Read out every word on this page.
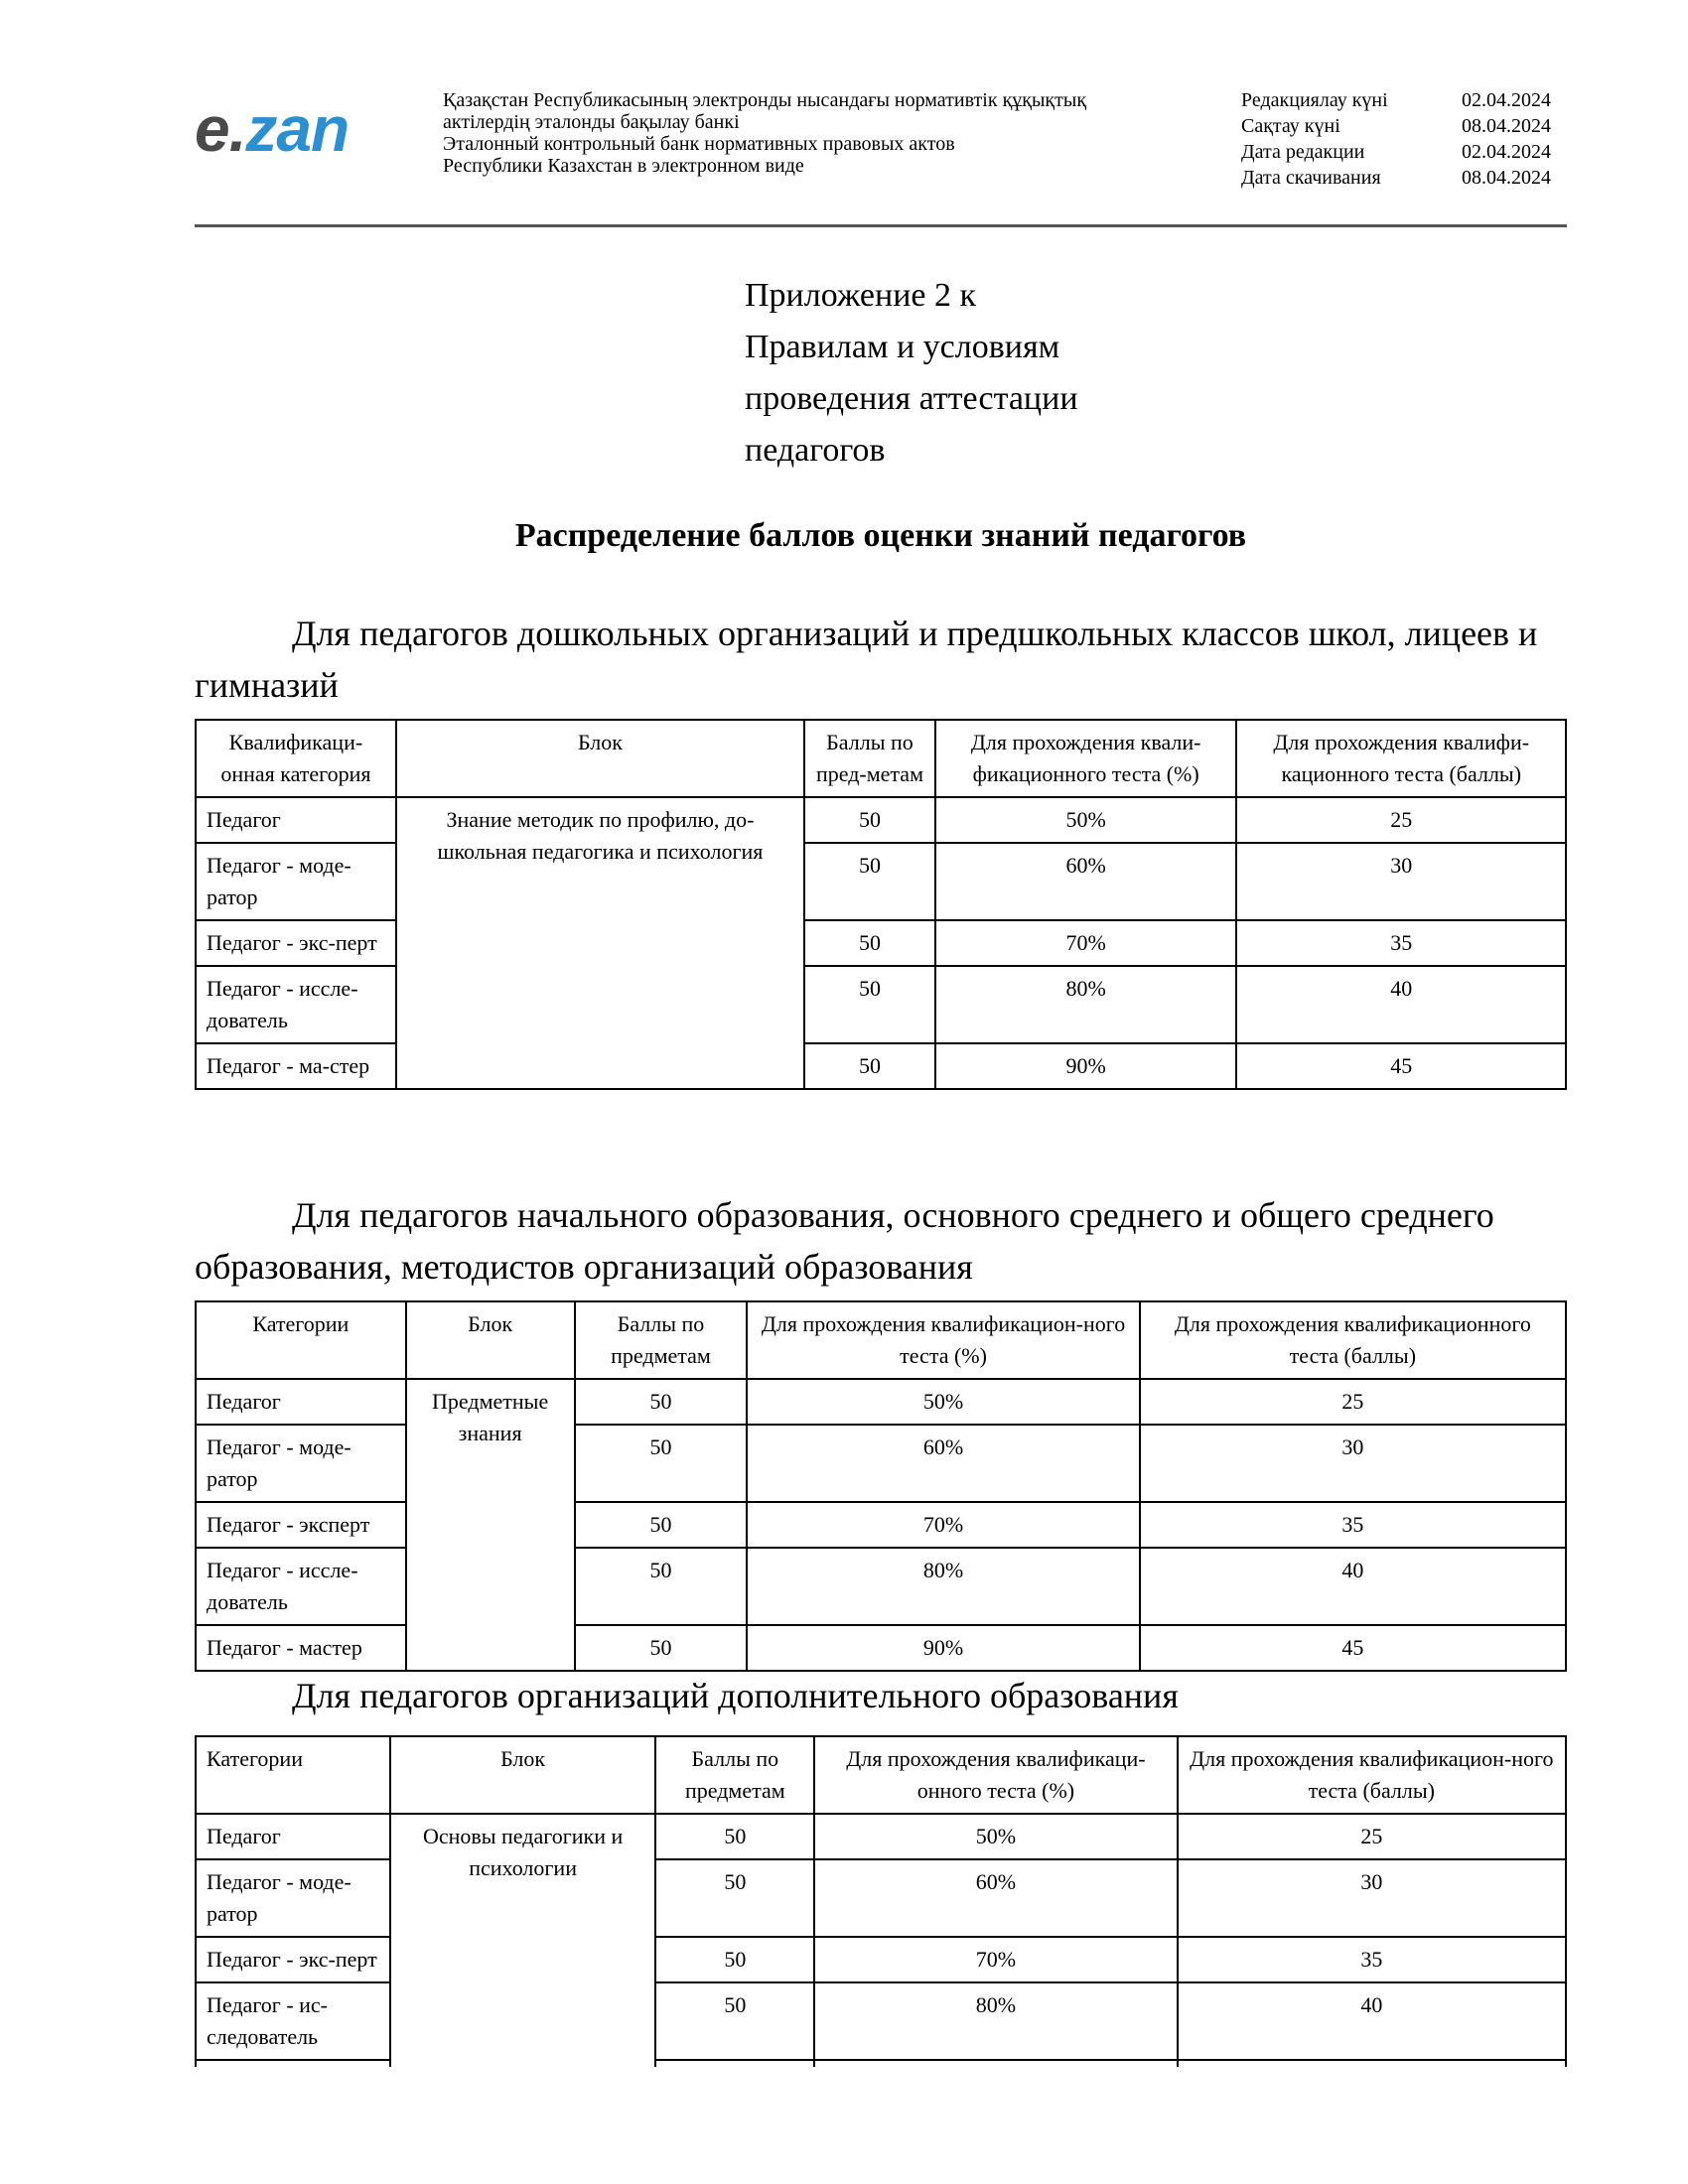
e.zan	Қазақстан Республикасының электронды нысандағы нормативтік құқықтық
актілердің эталонды бақылау банкі
Эталонный контрольный банк нормативных правовых актов
Республики Казахстан в электронном виде
Редакциялау күні	02.04.2024
Сақтау күні	08.04.2024
Дата редакции	02.04.2024
Дата скачивания	08.04.2024
Приложение 2 к
Правилам и условиям
проведения аттестации
педагогов
Распределение баллов оценки знаний педагогов
Для педагогов дошкольных организаций и предшкольных классов школ, лицеев и гимназий
Квалификаци-онная категория	Блок	Баллы по пред-метам	Для прохождения квали-фикационного теста (%)	Для прохождения квалифи-кационного теста (баллы)
Педагог	Знание методик по профилю, до-школьная педагогика и психология	50	50%	25
Педагог - моде-ратор		50	60%	30
Педагог - экс-перт		50	70%	35
Педагог - иссле-дователь		50	80%	40
Педагог - ма-стер		50	90%	45
Для педагогов начального образования, основного среднего и общего среднего образования, методистов организаций образования
Категории	Блок	Баллы по предметам	Для прохождения квалификацион-ного теста (%)	Для прохождения квалификационного теста (баллы)
Педагог	Предметные знания	50	50%	25
Педагог - моде-ратор		50	60%	30
Педагог - эксперт		50	70%	35
Педагог - иссле-дователь		50	80%	40
Педагог - мастер		50	90%	45
Для педагогов организаций дополнительного образования
Категории	Блок	Баллы по предметам	Для прохождения квалификаци-онного теста (%)	Для прохождения квалификацион-ного теста (баллы)
Педагог	Основы педагогики и психологии	50	50%	25
Педагог - моде-ратор		50	60%	30
Педагог - экс-перт		50	70%	35
Педагог - ис-следователь		50	80%	40
